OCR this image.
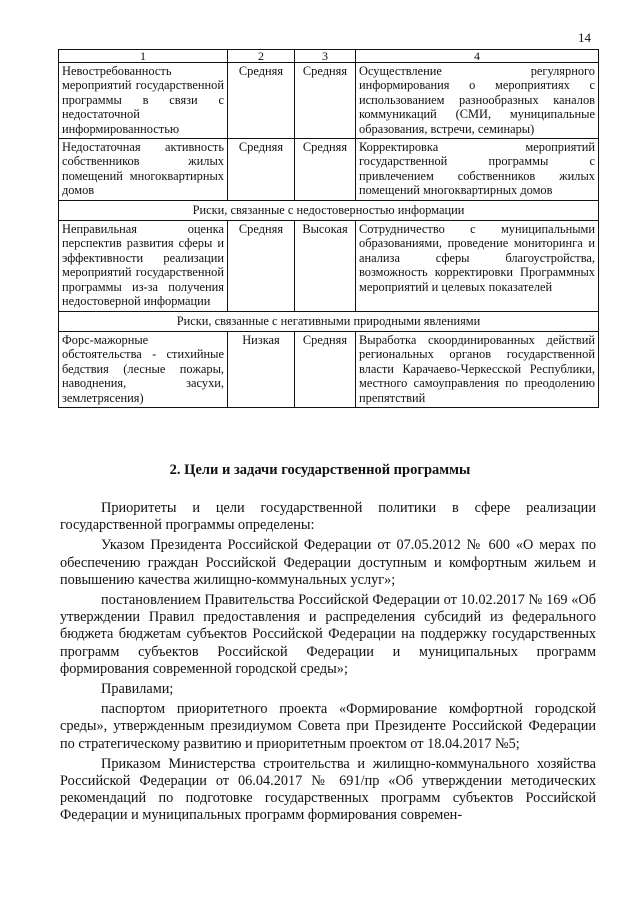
14
1	2	3	4
Невостребованность мероприятий государственной программы в связи с недостаточной информированностью	Средняя	Средняя	Осуществление регулярного информирования о мероприятиях с использованием разнообразных каналов коммуникаций (СМИ, муниципальные образования, встречи, семинары)
Недостаточная активность собственников жилых помещений многоквартирных домов	Средняя	Средняя	Корректировка мероприятий государственной программы с привлечением собственников жилых помещений многоквартирных домов
Риски, связанные с недостоверностью информации			
Неправильная оценка перспектив развития сферы и эффективности реализации мероприятий государственной программы из-за получения недостоверной информации	Средняя	Высокая	Сотрудничество с муниципальными образованиями, проведение мониторинга и анализа сферы благоустройства, возможность корректировки Программных мероприятий и целевых показателей
Риски, связанные с негативными природными явлениями			
Форс-мажорные обстоятельства - стихийные бедствия (лесные пожары, наводнения, засухи, землетрясения)	Низкая	Средняя	Выработка скоординированных действий региональных органов государственной власти Карачаево-Черкесской Республики, местного самоуправления по преодолению препятствий
2. Цели и задачи государственной программы

Приоритеты и цели государственной политики в сфере реализации государственной программы определены:

Указом Президента Российской Федерации от 07.05.2012 № 600 «О мерах по обеспечению граждан Российской Федерации доступным и комфортным жильем и повышению качества жилищно-коммунальных услуг»;

постановлением Правительства Российской Федерации от 10.02.2017 № 169 «Об утверждении Правил предоставления и распределения субсидий из федерального бюджета бюджетам субъектов Российской Федерации на поддержку государственных программ субъектов Российской Федерации и муниципальных программ формирования современной городской среды»;

Правилами;

паспортом приоритетного проекта «Формирование комфортной городской среды», утвержденным президиумом Совета при Президенте Российской Федерации по стратегическому развитию и приоритетным проектом от 18.04.2017 №5;

Приказом Министерства строительства и жилищно-коммунального хозяйства Российской Федерации от 06.04.2017 № 691/пр «Об утверждении методических рекомендаций по подготовке государственных программ субъектов Российской Федерации и муниципальных программ формирования современ-
